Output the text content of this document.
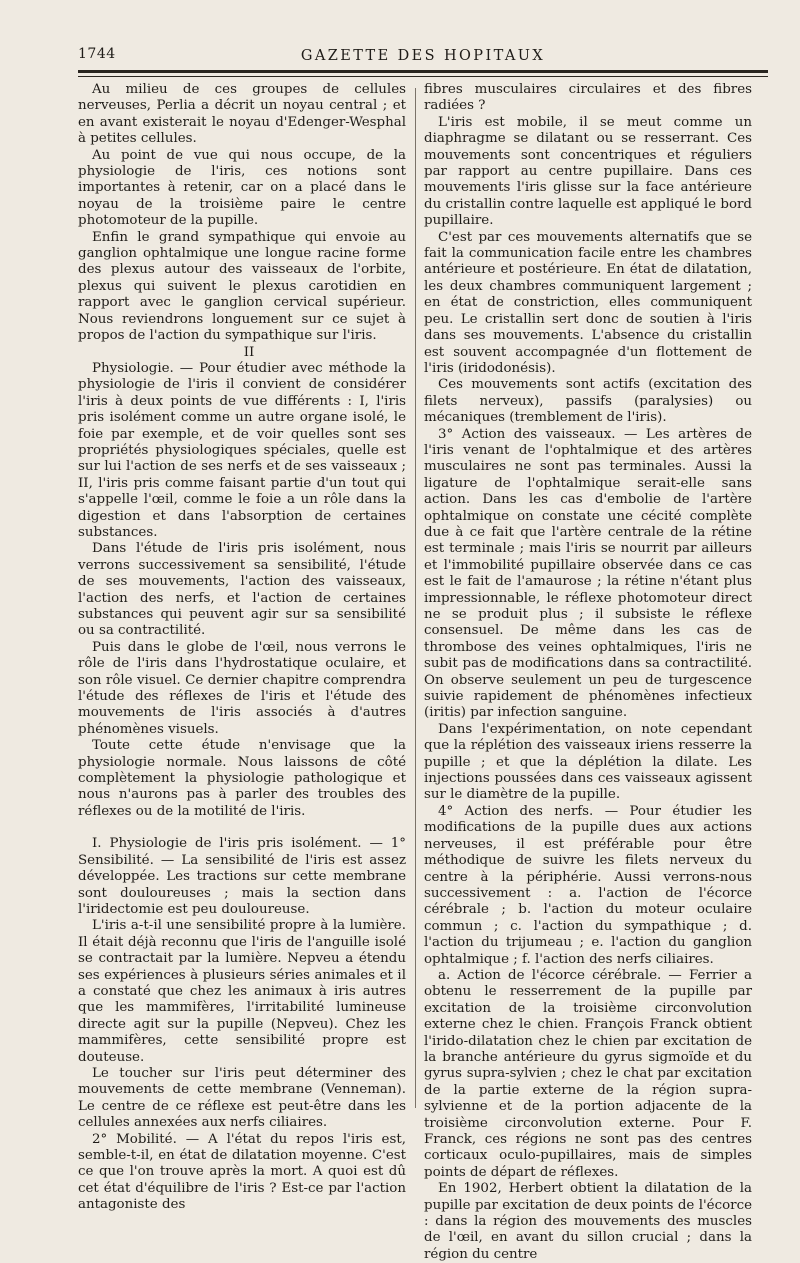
1744	GAZETTE DES HOPITAUX

Au milieu de ces groupes de cellules nerveuses, Perlia a décrit un noyau central ; et en avant existerait le noyau d'Edenger-Wesphal à petites cellules.

Au point de vue qui nous occupe, de la physiologie de l'iris, ces notions sont importantes à retenir, car on a placé dans le noyau de la troisième paire le centre photomoteur de la pupille.

Enfin le grand sympathique qui envoie au ganglion ophtalmique une longue racine forme des plexus autour des vaisseaux de l'orbite, plexus qui suivent le plexus carotidien en rapport avec le ganglion cervical supérieur. Nous reviendrons longuement sur ce sujet à propos de l'action du sympathique sur l'iris.

II

Physiologie. — Pour étudier avec méthode la physiologie de l'iris il convient de considérer l'iris à deux points de vue différents : I, l'iris pris isolément comme un autre organe isolé, le foie par exemple, et de voir quelles sont ses propriétés physiologiques spéciales, quelle est sur lui l'action de ses nerfs et de ses vaisseaux ; II, l'iris pris comme faisant partie d'un tout qui s'appelle l'œil, comme le foie a un rôle dans la digestion et dans l'absorption de certaines substances.

Dans l'étude de l'iris pris isolément, nous verrons successivement sa sensibilité, l'étude de ses mouvements, l'action des vaisseaux, l'action des nerfs, et l'action de certaines substances qui peuvent agir sur sa sensibilité ou sa contractilité.

Puis dans le globe de l'œil, nous verrons le rôle de l'iris dans l'hydrostatique oculaire, et son rôle visuel. Ce dernier chapitre comprendra l'étude des réflexes de l'iris et l'étude des mouvements de l'iris associés à d'autres phénomènes visuels.

Toute cette étude n'envisage que la physiologie normale. Nous laissons de côté complètement la physiologie pathologique et nous n'aurons pas à parler des troubles des réflexes ou de la motilité de l'iris.

I. Physiologie de l'iris pris isolément. — 1° Sensibilité. — La sensibilité de l'iris est assez développée. Les tractions sur cette membrane sont douloureuses ; mais la section dans l'iridectomie est peu douloureuse.

L'iris a-t-il une sensibilité propre à la lumière. Il était déjà reconnu que l'iris de l'anguille isolé se contractait par la lumière. Nepveu a étendu ses expériences à plusieurs séries animales et il a constaté que chez les animaux à iris autres que les mammifères, l'irritabilité lumineuse directe agit sur la pupille (Nepveu). Chez les mammifères, cette sensibilité propre est douteuse.

Le toucher sur l'iris peut déterminer des mouvements de cette membrane (Venneman). Le centre de ce réflexe est peut-être dans les cellules annexées aux nerfs ciliaires.

2° Mobilité. — A l'état du repos l'iris est, semble-t-il, en état de dilatation moyenne. C'est ce que l'on trouve après la mort. A quoi est dû cet état d'équilibre de l'iris ? Est-ce par l'action antagoniste des

fibres musculaires circulaires et des fibres radiées ?

L'iris est mobile, il se meut comme un diaphragme se dilatant ou se resserrant. Ces mouvements sont concentriques et réguliers par rapport au centre pupillaire. Dans ces mouvements l'iris glisse sur la face antérieure du cristallin contre laquelle est appliqué le bord pupillaire.

C'est par ces mouvements alternatifs que se fait la communication facile entre les chambres antérieure et postérieure. En état de dilatation, les deux chambres communiquent largement ; en état de constriction, elles communiquent peu. Le cristallin sert donc de soutien à l'iris dans ses mouvements. L'absence du cristallin est souvent accompagnée d'un flottement de l'iris (iridodonésis).

Ces mouvements sont actifs (excitation des filets nerveux), passifs (paralysies) ou mécaniques (tremblement de l'iris).

3° Action des vaisseaux. — Les artères de l'iris venant de l'ophtalmique et des artères musculaires ne sont pas terminales. Aussi la ligature de l'ophtalmique serait-elle sans action. Dans les cas d'embolie de l'artère ophtalmique on constate une cécité complète due à ce fait que l'artère centrale de la rétine est terminale ; mais l'iris se nourrit par ailleurs et l'immobilité pupillaire observée dans ce cas est le fait de l'amaurose ; la rétine n'étant plus impressionnable, le réflexe photomoteur direct ne se produit plus ; il subsiste le réflexe consensuel. De même dans les cas de thrombose des veines ophtalmiques, l'iris ne subit pas de modifications dans sa contractilité. On observe seulement un peu de turgescence suivie rapidement de phénomènes infectieux (iritis) par infection sanguine.

Dans l'expérimentation, on note cependant que la réplétion des vaisseaux iriens resserre la pupille ; et que la déplétion la dilate. Les injections poussées dans ces vaisseaux agissent sur le diamètre de la pupille.

4° Action des nerfs. — Pour étudier les modifications de la pupille dues aux actions nerveuses, il est préférable pour être méthodique de suivre les filets nerveux du centre à la périphérie. Aussi verrons-nous successivement : a. l'action de l'écorce cérébrale ; b. l'action du moteur oculaire commun ; c. l'action du sympathique ; d. l'action du trijumeau ; e. l'action du ganglion ophtalmique ; f. l'action des nerfs ciliaires.

a. Action de l'écorce cérébrale. — Ferrier a obtenu le resserrement de la pupille par excitation de la troisième circonvolution externe chez le chien. François Franck obtient l'irido-dilatation chez le chien par excitation de la branche antérieure du gyrus sigmoïde et du gyrus supra-sylvien ; chez le chat par excitation de la partie externe de la région supra-sylvienne et de la portion adjacente de la troisième circonvolution externe. Pour F. Franck, ces régions ne sont pas des centres corticaux oculo-pupillaires, mais de simples points de départ de réflexes.

En 1902, Herbert obtient la dilatation de la pupille par excitation de deux points de l'écorce : dans la région des mouvements des muscles de l'œil, en avant du sillon crucial ; dans la région du centre
